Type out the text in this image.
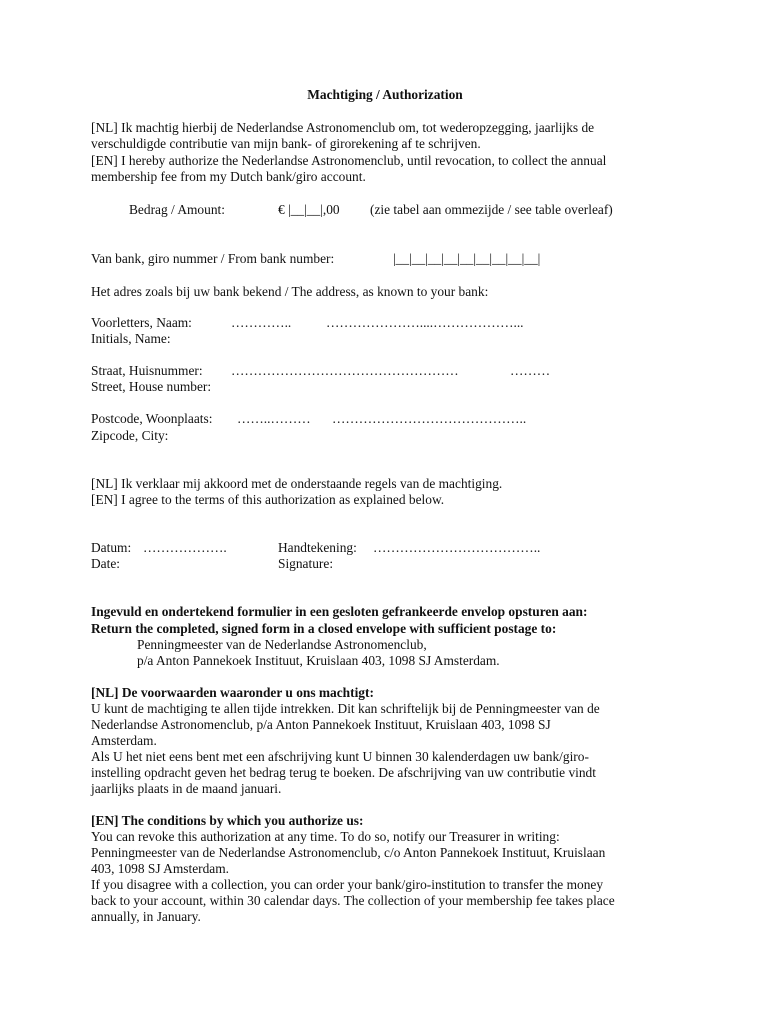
Machtiging / Authorization
[NL] Ik machtig hierbij de Nederlandse Astronomenclub om, tot wederopzegging, jaarlijks de
verschuldigde contributie van mijn bank- of girorekening af te schrijven.
[EN] I hereby authorize the Nederlandse Astronomenclub, until revocation, to collect the annual
membership fee from my Dutch bank/giro account.
Bedrag / Amount:	€ |__|__|,00 (zie tabel aan ommezijde / see table overleaf)
Van bank, giro nummer / From bank number:	|__|__|__|__|__|__|__|__|__|
Het adres zoals bij uw bank bekend / The address, as known to your bank:
Voorletters, Naam:	…………..	…………………....………………...
Initials, Name:
Straat, Huisnummer: ……………………………………………	………
Street, House number:
Postcode, Woonplaats: ……..……… ……………………………………..
Zipcode, City:
[NL] Ik verklaar mij akkoord met de onderstaande regels van de machtiging.
[EN] I agree to the terms of this authorization as explained below.
Datum: ……………….
Date:
Handtekening: ………………………………..
Signature:
Ingevuld en ondertekend formulier in een gesloten gefrankeerde envelop opsturen aan:
Return the completed, signed form in a closed envelope with sufficient postage to:
Penningmeester van de Nederlandse Astronomenclub,
p/a Anton Pannekoek Instituut, Kruislaan 403, 1098 SJ Amsterdam.
[NL] De voorwaarden waaronder u ons machtigt:
U kunt de machtiging te allen tijde intrekken. Dit kan schriftelijk bij de Penningmeester van de
Nederlandse Astronomenclub, p/a Anton Pannekoek Instituut, Kruislaan 403, 1098 SJ
Amsterdam.
Als U het niet eens bent met een afschrijving kunt U binnen 30 kalenderdagen uw bank/giro-
instelling opdracht geven het bedrag terug te boeken. De afschrijving van uw contributie vindt
jaarlijks plaats in de maand januari.
[EN] The conditions by which you authorize us:
You can revoke this authorization at any time. To do so, notify our Treasurer in writing:
Penningmeester van de Nederlandse Astronomenclub, c/o Anton Pannekoek Instituut, Kruislaan
403, 1098 SJ Amsterdam.
If you disagree with a collection, you can order your bank/giro-institution to transfer the money
back to your account, within 30 calendar days. The collection of your membership fee takes place
annually, in January.
